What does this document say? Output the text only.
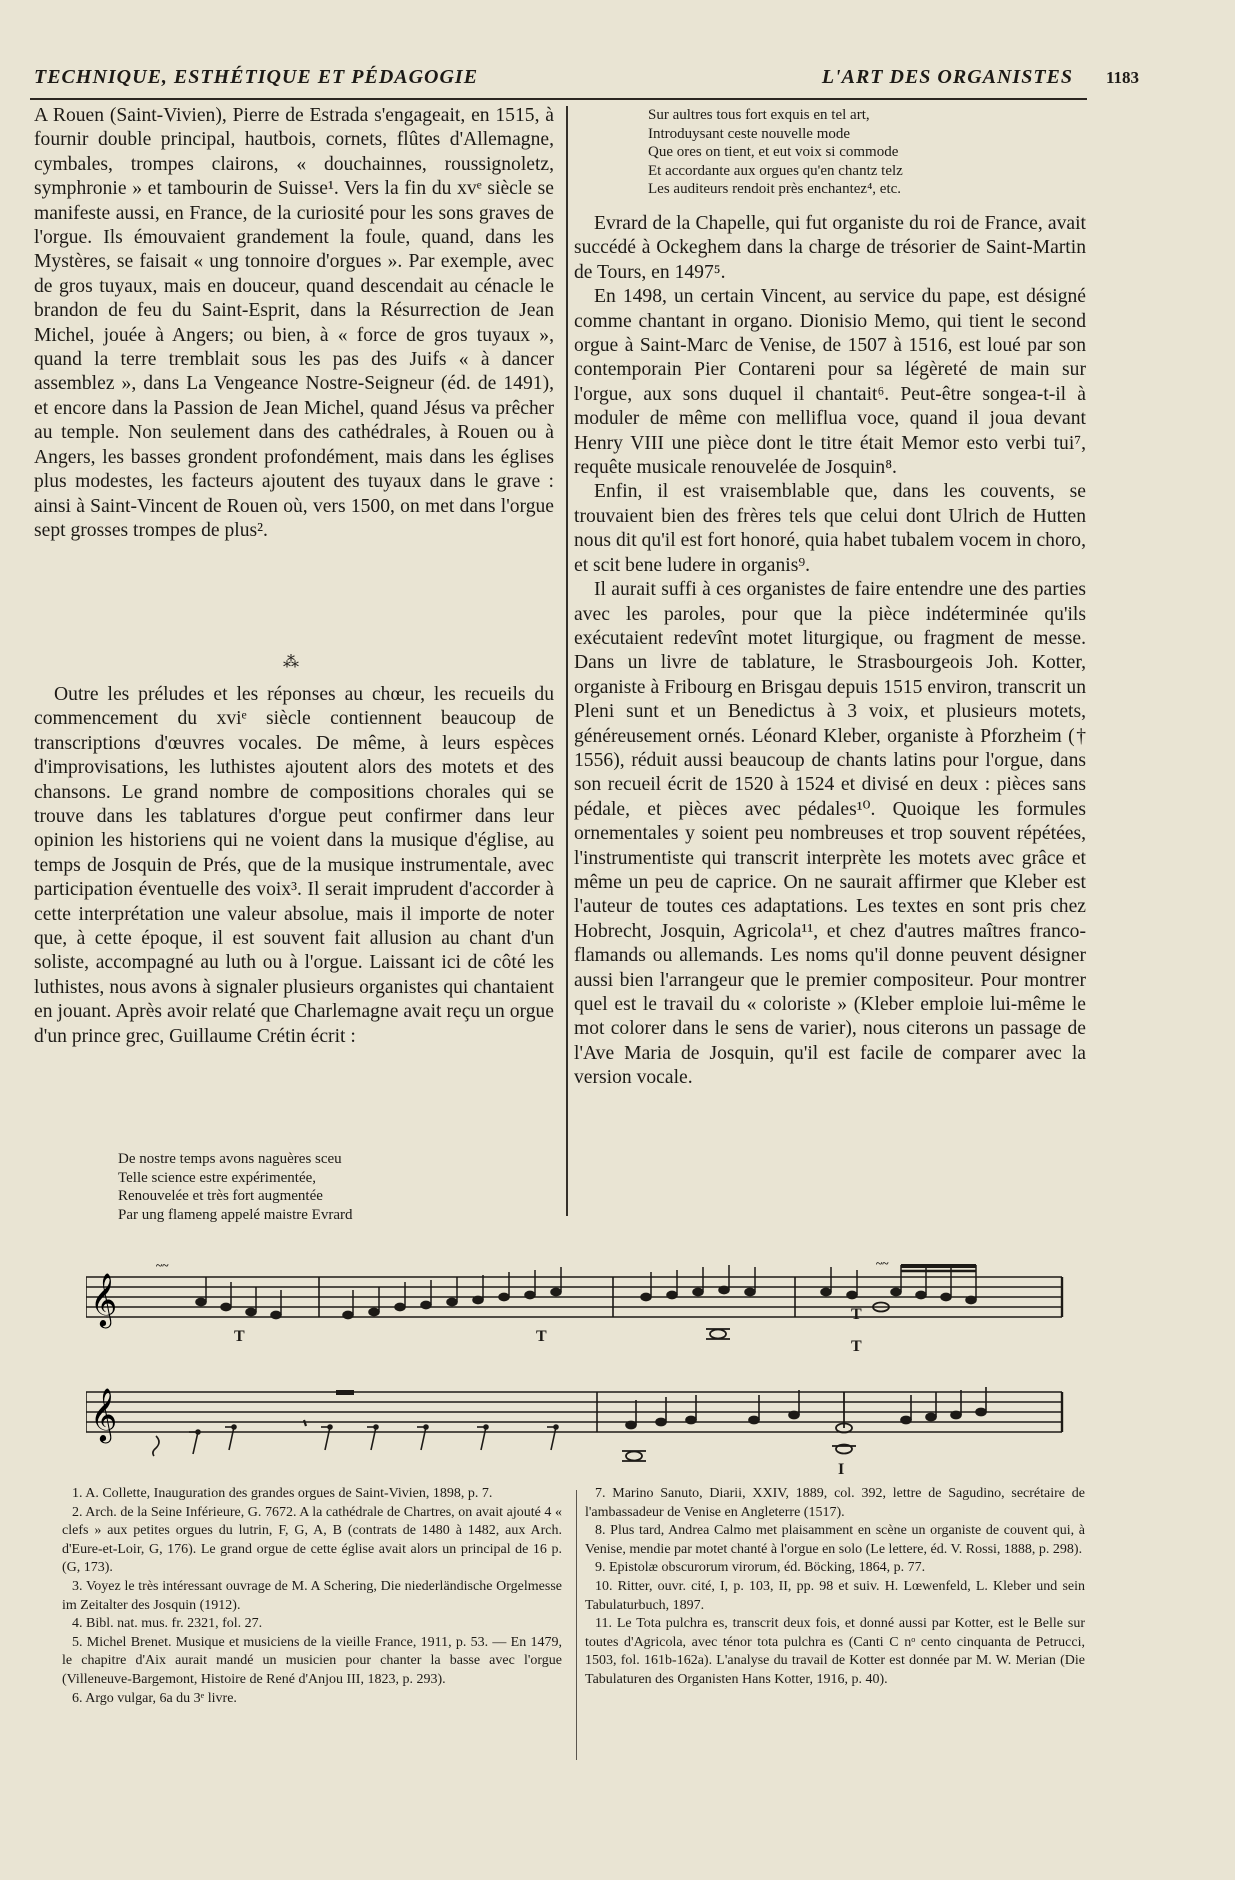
TECHNIQUE, ESTHÉTIQUE ET PÉDAGOGIE	L'ART DES ORGANISTES 1183

A Rouen (Saint-Vivien), Pierre de Estrada s'engageait, en 1515, à fournir double principal, hautbois, cornets, flûtes d'Allemagne, cymbales, trompes clairons, « douchainnes, roussignoletz, symphronie » et tambourin de Suisse¹. Vers la fin du xvᵉ siècle se manifeste aussi, en France, de la curiosité pour les sons graves de l'orgue. Ils émouvaient grandement la foule, quand, dans les Mystères, se faisait « ung tonnoire d'orgues ». Par exemple, avec de gros tuyaux, mais en douceur, quand descendait au cénacle le brandon de feu du Saint-Esprit, dans la Résurrection de Jean Michel, jouée à Angers; ou bien, à « force de gros tuyaux », quand la terre tremblait sous les pas des Juifs « à dancer assemblez », dans La Vengeance Nostre-Seigneur (éd. de 1491), et encore dans la Passion de Jean Michel, quand Jésus va prêcher au temple. Non seulement dans des cathédrales, à Rouen ou à Angers, les basses grondent profondément, mais dans les églises plus modestes, les facteurs ajoutent des tuyaux dans le grave : ainsi à Saint-Vincent de Rouen où, vers 1500, on met dans l'orgue sept grosses trompes de plus².

⁂

Outre les préludes et les réponses au chœur, les recueils du commencement du xviᵉ siècle contiennent beaucoup de transcriptions d'œuvres vocales. De même, à leurs espèces d'improvisations, les luthistes ajoutent alors des motets et des chansons. Le grand nombre de compositions chorales qui se trouve dans les tablatures d'orgue peut confirmer dans leur opinion les historiens qui ne voient dans la musique d'église, au temps de Josquin de Prés, que de la musique instrumentale, avec participation éventuelle des voix³. Il serait imprudent d'accorder à cette interprétation une valeur absolue, mais il importe de noter que, à cette époque, il est souvent fait allusion au chant d'un soliste, accompagné au luth ou à l'orgue. Laissant ici de côté les luthistes, nous avons à signaler plusieurs organistes qui chantaient en jouant. Après avoir relaté que Charlemagne avait reçu un orgue d'un prince grec, Guillaume Crétin écrit :

De nostre temps avons naguères sceu
Telle science estre expérimentée,
Renouvelée et très fort augmentée
Par ung flameng appelé maistre Evrard
Sur aultres tous fort exquis en tel art,
Introduysant ceste nouvelle mode
Que ores on tient, et eut voix si commode
Et accordante aux orgues qu'en chantz telz
Les auditeurs rendoit près enchantez⁴, etc.

Evrard de la Chapelle, qui fut organiste du roi de France, avait succédé à Ockeghem dans la charge de trésorier de Saint-Martin de Tours, en 1497⁵.

En 1498, un certain Vincent, au service du pape, est désigné comme chantant in organo. Dionisio Memo, qui tient le second orgue à Saint-Marc de Venise, de 1507 à 1516, est loué par son contemporain Pier Contareni pour sa légèreté de main sur l'orgue, aux sons duquel il chantait⁶. Peut-être songea-t-il à moduler de même con melliflua voce, quand il joua devant Henry VIII une pièce dont le titre était Memor esto verbi tui⁷, requête musicale renouvelée de Josquin⁸.

Enfin, il est vraisemblable que, dans les couvents, se trouvaient bien des frères tels que celui dont Ulrich de Hutten nous dit qu'il est fort honoré, quia habet tubalem vocem in choro, et scit bene ludere in organis⁹.

Il aurait suffi à ces organistes de faire entendre une des parties avec les paroles, pour que la pièce indéterminée qu'ils exécutaient redevînt motet liturgique, ou fragment de messe. Dans un livre de tablature, le Strasbourgeois Joh. Kotter, organiste à Fribourg en Brisgau depuis 1515 environ, transcrit un Pleni sunt et un Benedictus à 3 voix, et plusieurs motets, généreusement ornés. Léonard Kleber, organiste à Pforzheim († 1556), réduit aussi beaucoup de chants latins pour l'orgue, dans son recueil écrit de 1520 à 1524 et divisé en deux : pièces sans pédale, et pièces avec pédales¹⁰. Quoique les formules ornementales y soient peu nombreuses et trop souvent répétées, l'instrumentiste qui transcrit interprète les motets avec grâce et même un peu de caprice. On ne saurait affirmer que Kleber est l'auteur de toutes ces adaptations. Les textes en sont pris chez Hobrecht, Josquin, Agricola¹¹, et chez d'autres maîtres franco-flamands ou allemands. Les noms qu'il donne peuvent désigner aussi bien l'arrangeur que le premier compositeur. Pour montrer quel est le travail du « coloriste » (Kleber emploie lui-même le mot colorer dans le sens de varier), nous citerons un passage de l'Ave Maria de Josquin, qu'il est facile de comparer avec la version vocale.

𝄞
T	T
T
T
~~	~~
𝄞
I

1. A. Collette, Inauguration des grandes orgues de Saint-Vivien, 1898, p. 7.

2. Arch. de la Seine Inférieure, G. 7672. A la cathédrale de Chartres, on avait ajouté 4 « clefs » aux petites orgues du lutrin, F, G, A, B (contrats de 1480 à 1482, aux Arch. d'Eure-et-Loir, G, 176). Le grand orgue de cette église avait alors un principal de 16 p. (G, 173).

3. Voyez le très intéressant ouvrage de M. A Schering, Die niederländische Orgelmesse im Zeitalter des Josquin (1912).

4. Bibl. nat. mus. fr. 2321, fol. 27.

5. Michel Brenet. Musique et musiciens de la vieille France, 1911, p. 53. — En 1479, le chapitre d'Aix aurait mandé un musicien pour chanter la basse avec l'orgue (Villeneuve-Bargemont, Histoire de René d'Anjou III, 1823, p. 293).

6. Argo vulgar, 6a du 3ᵉ livre.

7. Marino Sanuto, Diarii, XXIV, 1889, col. 392, lettre de Sagudino, secrétaire de l'ambassadeur de Venise en Angleterre (1517).

8. Plus tard, Andrea Calmo met plaisamment en scène un organiste de couvent qui, à Venise, mendie par motet chanté à l'orgue en solo (Le lettere, éd. V. Rossi, 1888, p. 298).

9. Epistolæ obscurorum virorum, éd. Böcking, 1864, p. 77.

10. Ritter, ouvr. cité, I, p. 103, II, pp. 98 et suiv. H. Lœwenfeld, L. Kleber und sein Tabulaturbuch, 1897.

11. Le Tota pulchra es, transcrit deux fois, et donné aussi par Kotter, est le Belle sur toutes d'Agricola, avec ténor tota pulchra es (Canti C nᵒ cento cinquanta de Petrucci, 1503, fol. 161b-162a). L'analyse du travail de Kotter est donnée par M. W. Merian (Die Tabulaturen des Organisten Hans Kotter, 1916, p. 40).
